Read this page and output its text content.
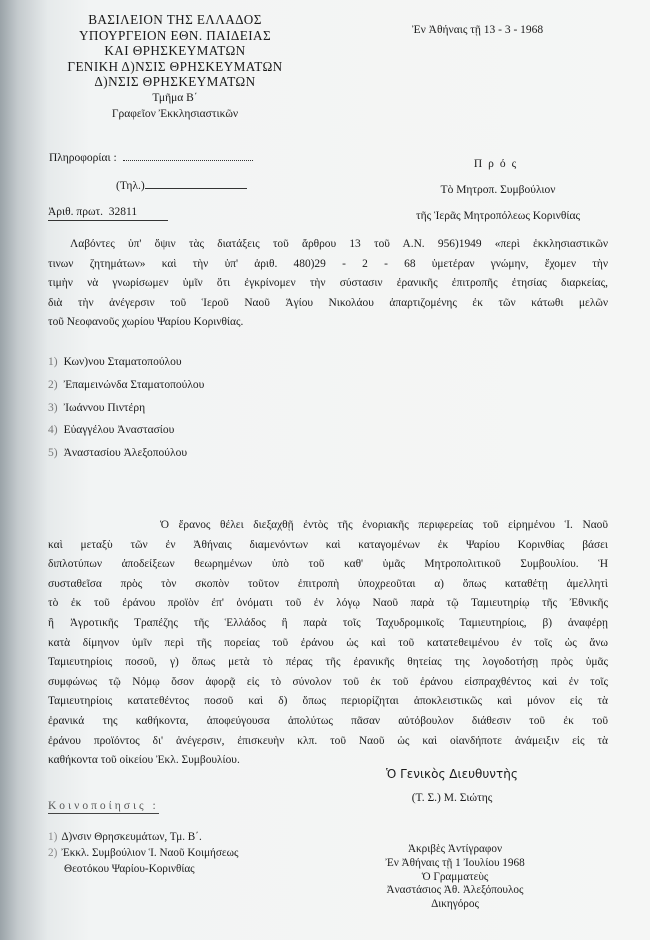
ΒΑΣΙΛΕΙΟΝ ΤΗΣ ΕΛΛΑΔΟΣ
ΥΠΟΥΡΓΕΙΟΝ ΕΘΝ. ΠΑΙΔΕΙΑΣ
ΚΑΙ ΘΡΗΣΚΕΥΜΑΤΩΝ
ΓΕΝΙΚΗ Δ)ΝΣΙΣ ΘΡΗΣΚΕΥΜΑΤΩΝ
Δ)ΝΣΙΣ ΘΡΗΣΚΕΥΜΑΤΩΝ
Τμῆμα Β΄
Γραφεῖον Ἐκκλησιαστικῶν
Ἐν Ἀθήναις τῇ 13 - 3 - 1968
Πληροφορίαι :
(Τηλ.)
Ἀριθ. πρωτ. 32811
Πρός
Τὸ Μητροπ. Συμβούλιον
τῆς Ἱερᾶς Μητροπόλεως Κορινθίας
Λαβόντες ὑπ' ὄψιν τὰς διατάξεις τοῦ ἄρθρου 13 τοῦ Α.Ν. 956)1949 «περὶ ἐκκλησιαστικῶν
τινων ζητημάτων» καὶ τὴν ὑπ' ἀριθ. 480)29 - 2 - 68 ὑμετέραν γνώμην, ἔχομεν τὴν
τιμὴν νὰ γνωρίσωμεν ὑμῖν ὅτι ἐγκρίνομεν τὴν σύστασιν ἐρανικῆς ἐπιτροπῆς ἐτησίας διαρκείας,
διὰ τὴν ἀνέγερσιν τοῦ Ἱεροῦ Ναοῦ Ἁγίου Νικολάου ἀπαρτιζομένης ἐκ τῶν κάτωθι μελῶν
τοῦ Νεοφανοῦς χωρίου Ψαρίου Κορινθίας.
1) Κων)νου Σταματοπούλου
2) Ἐπαμεινώνδα Σταματοπούλου
3) Ἰωάννου Πιντέρη
4) Εὐαγγέλου Ἀναστασίου
5) Ἀναστασίου Ἀλεξοπούλου
Ὁ ἔρανος θέλει διεξαχθῇ ἐντὸς τῆς ἐνοριακῆς περιφερείας τοῦ εἰρημένου Ἱ. Ναοῦ
καὶ μεταξὺ τῶν ἐν Ἀθήναις διαμενόντων καὶ καταγομένων ἐκ Ψαρίου Κορινθίας βάσει
διπλοτύπων ἀποδείξεων θεωρημένων ὑπὸ τοῦ καθ' ὑμᾶς Μητροπολιτικοῦ Συμβουλίου. Ἡ
συσταθεῖσα πρὸς τὸν σκοπὸν τοῦτον ἐπιτροπὴ ὑποχρεοῦται α) ὅπως καταθέτῃ ἀμελλητὶ
τὸ ἐκ τοῦ ἐράνου προϊὸν ἐπ' ὀνόματι τοῦ ἐν λόγῳ Ναοῦ παρὰ τῷ Ταμιευτηρίῳ τῆς Ἐθνικῆς
ἢ Ἀγροτικῆς Τραπέζης τῆς Ἑλλάδος ἢ παρὰ τοῖς Ταχυδρομικοῖς Ταμιευτηρίοις, β) ἀναφέρῃ
κατὰ δίμηνον ὑμῖν περὶ τῆς πορείας τοῦ ἐράνου ὡς καὶ τοῦ κατατεθειμένου ἐν τοῖς ὡς ἄνω
Ταμιευτηρίοις ποσοῦ, γ) ὅπως μετὰ τὸ πέρας τῆς ἐρανικῆς θητείας της λογοδοτήσῃ πρὸς ὑμᾶς
συμφώνως τῷ Νόμῳ ὅσον ἀφορᾷ εἰς τὸ σύνολον τοῦ ἐκ τοῦ ἐράνου εἰσπραχθέντος καὶ ἐν τοῖς
Ταμιευτηρίοις κατατεθέντος ποσοῦ καὶ δ) ὅπως περιορίζηται ἀποκλειστικῶς καὶ μόνον εἰς τὰ
ἐρανικά της καθήκοντα, ἀποφεύγουσα ἀπολύτως πᾶσαν αὐτόβουλον διάθεσιν τοῦ ἐκ τοῦ
ἐράνου προϊόντος δι' ἀνέγερσιν, ἐπισκευὴν κλπ. τοῦ Ναοῦ ὡς καὶ οἱανδήποτε ἀνάμειξιν εἰς τὰ
καθήκοντα τοῦ οἰκείου Ἐκλ. Συμβουλίου.
Ὁ Γενικὸς Διευθυντὴς
(Τ. Σ.) Μ. Σιώτης
Κοινοποίησις :
1) Δ)νσιν Θρησκευμάτων, Τμ. Β΄.
2) Ἐκκλ. Συμβούλιον Ἱ. Ναοῦ Κοιμήσεως
Θεοτόκου Ψαρίου-Κορινθίας
Ἀκριβὲς Ἀντίγραφον
Ἐν Ἀθήναις τῇ 1 Ἰουλίου 1968
Ὁ Γραμματεὺς
Ἀναστάσιος Ἀθ. Ἀλεξόπουλος
Δικηγόρος
